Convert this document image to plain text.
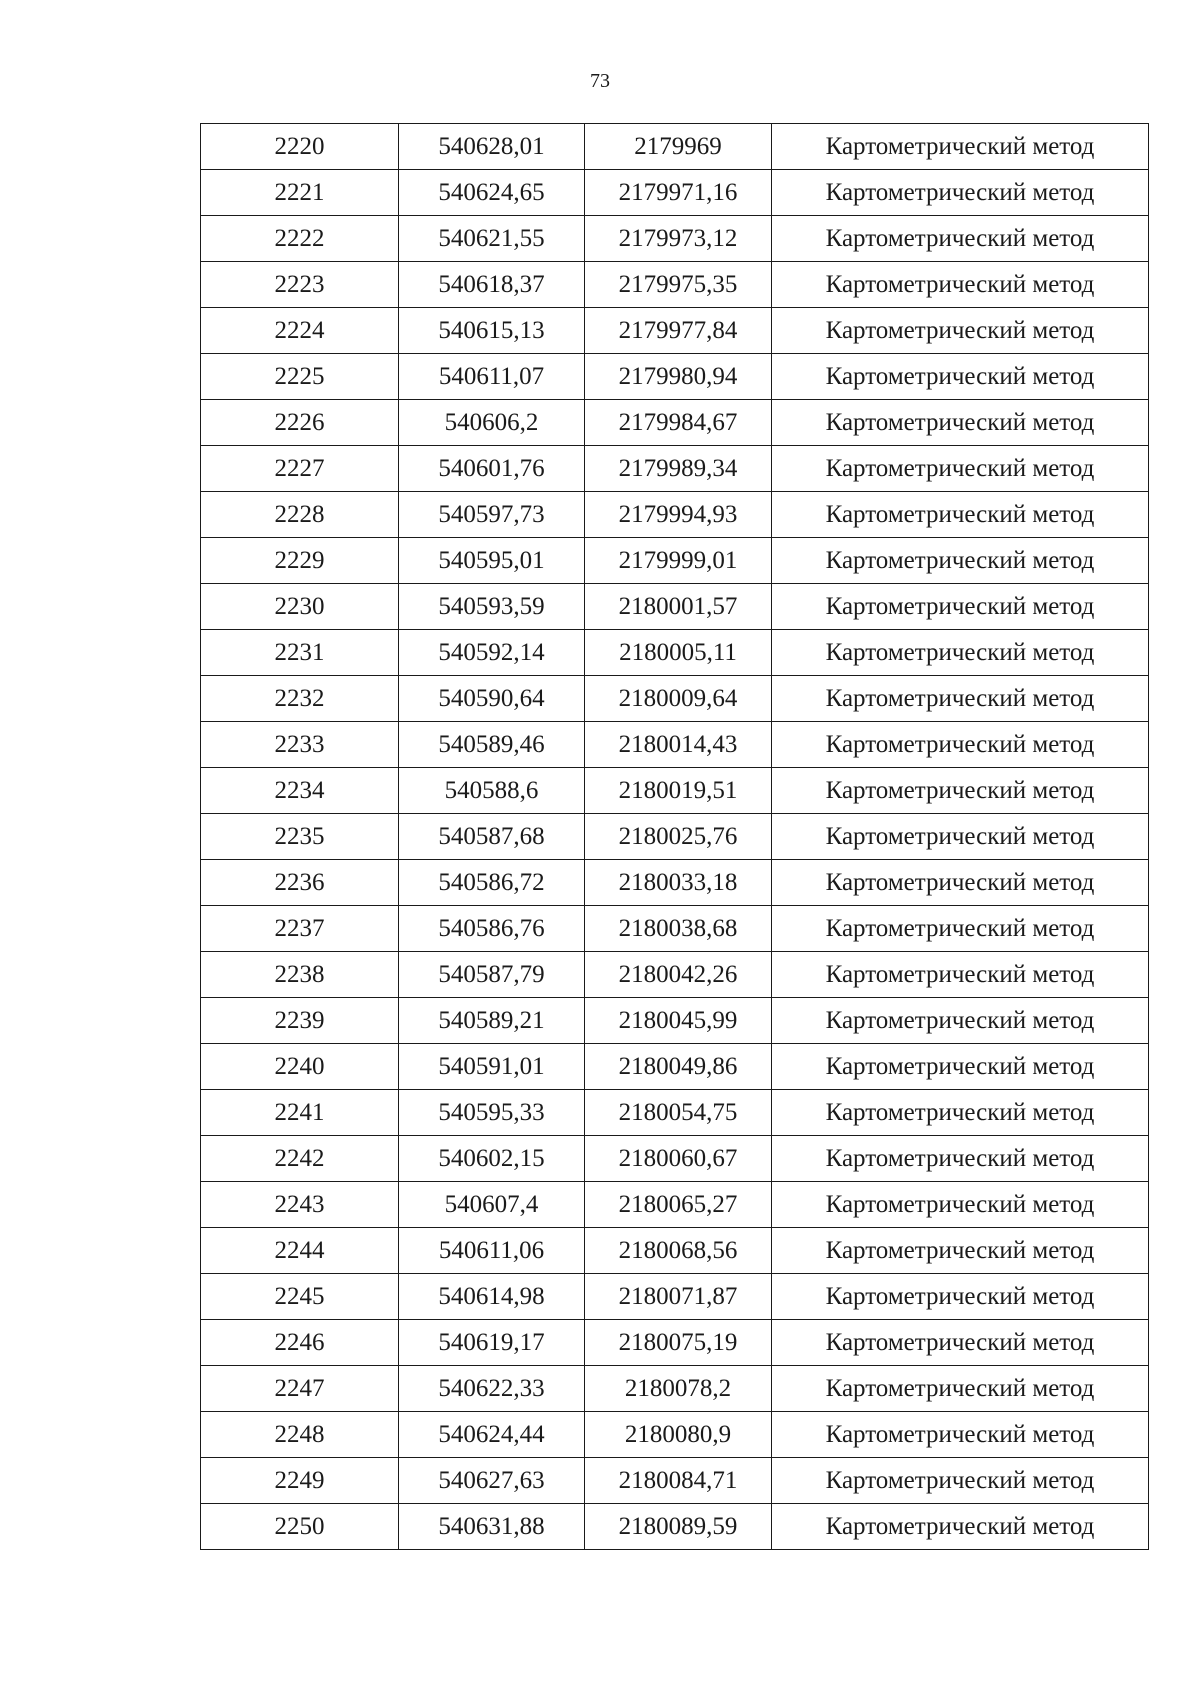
73
2220	540628,01	2179969	Картометрический метод
2221	540624,65	2179971,16	Картометрический метод
2222	540621,55	2179973,12	Картометрический метод
2223	540618,37	2179975,35	Картометрический метод
2224	540615,13	2179977,84	Картометрический метод
2225	540611,07	2179980,94	Картометрический метод
2226	540606,2	2179984,67	Картометрический метод
2227	540601,76	2179989,34	Картометрический метод
2228	540597,73	2179994,93	Картометрический метод
2229	540595,01	2179999,01	Картометрический метод
2230	540593,59	2180001,57	Картометрический метод
2231	540592,14	2180005,11	Картометрический метод
2232	540590,64	2180009,64	Картометрический метод
2233	540589,46	2180014,43	Картометрический метод
2234	540588,6	2180019,51	Картометрический метод
2235	540587,68	2180025,76	Картометрический метод
2236	540586,72	2180033,18	Картометрический метод
2237	540586,76	2180038,68	Картометрический метод
2238	540587,79	2180042,26	Картометрический метод
2239	540589,21	2180045,99	Картометрический метод
2240	540591,01	2180049,86	Картометрический метод
2241	540595,33	2180054,75	Картометрический метод
2242	540602,15	2180060,67	Картометрический метод
2243	540607,4	2180065,27	Картометрический метод
2244	540611,06	2180068,56	Картометрический метод
2245	540614,98	2180071,87	Картометрический метод
2246	540619,17	2180075,19	Картометрический метод
2247	540622,33	2180078,2	Картометрический метод
2248	540624,44	2180080,9	Картометрический метод
2249	540627,63	2180084,71	Картометрический метод
2250	540631,88	2180089,59	Картометрический метод
